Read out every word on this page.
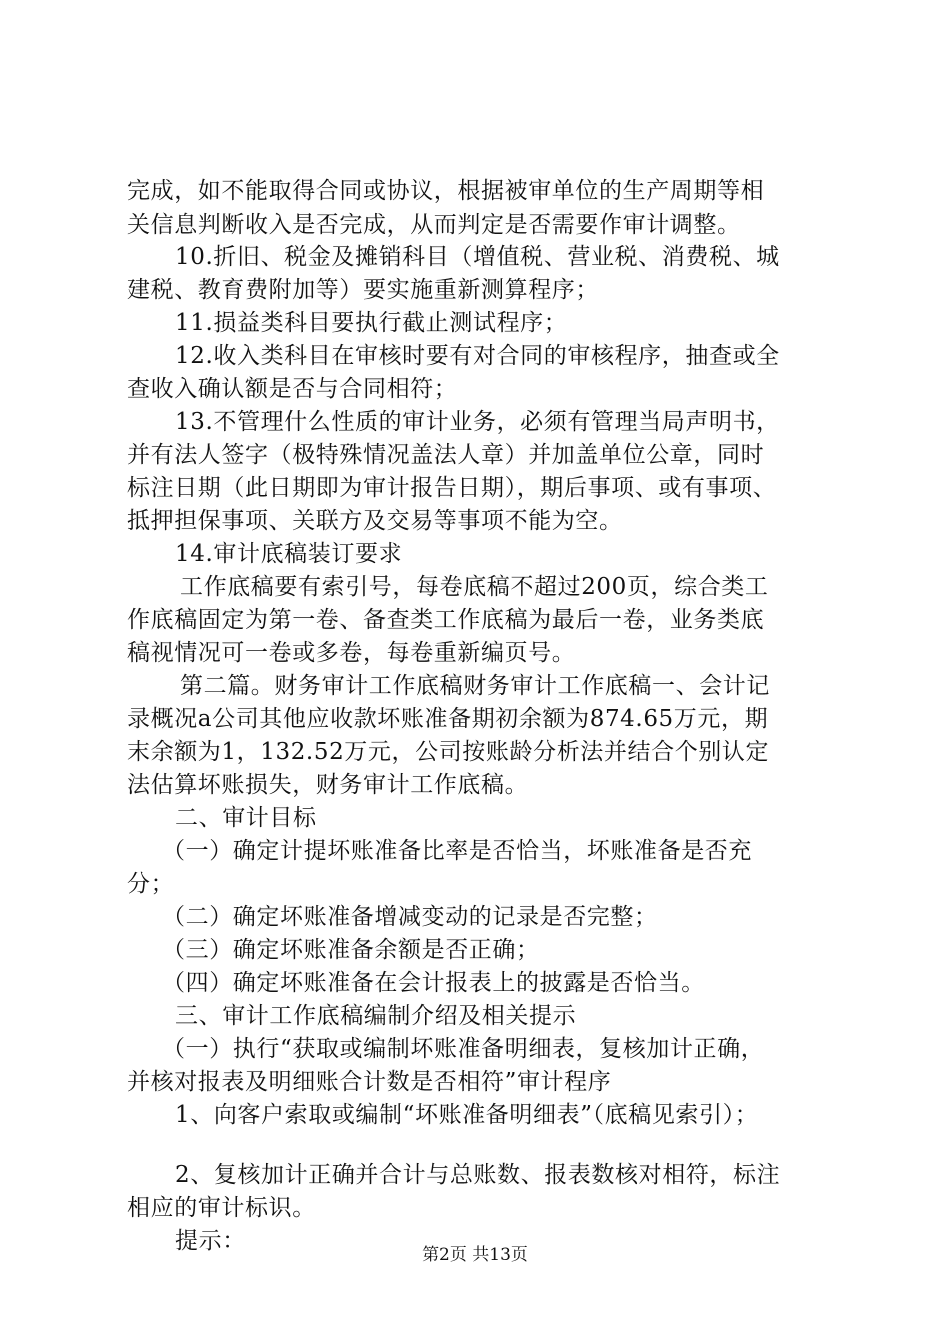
完成，如不能取得合同或协议，根据被审单位的生产周期等相
关信息判断收入是否完成，从而判定是否需要作审计调整。
10.折旧、税金及摊销科目（增值税、营业税、消费税、城
建税、教育费附加等）要实施重新测算程序；
11.损益类科目要执行截止测试程序；
12.收入类科目在审核时要有对合同的审核程序，抽查或全
查收入确认额是否与合同相符；
13.不管理什么性质的审计业务，必须有管理当局声明书，
并有法人签字（极特殊情况盖法人章）并加盖单位公章，同时
标注日期（此日期即为审计报告日期），期后事项、或有事项、
抵押担保事项、关联方及交易等事项不能为空。
14.审计底稿装订要求
工作底稿要有索引号，每卷底稿不超过200页，综合类工
作底稿固定为第一卷、备查类工作底稿为最后一卷，业务类底
稿视情况可一卷或多卷，每卷重新编页号。
第二篇。财务审计工作底稿财务审计工作底稿一、会计记
录概况a公司其他应收款坏账准备期初余额为874.65万元，期
末余额为1，132.52万元，公司按账龄分析法并结合个别认定
法估算坏账损失，财务审计工作底稿。
二、审计目标
（一）确定计提坏账准备比率是否恰当，坏账准备是否充
分；
（二）确定坏账准备增减变动的记录是否完整；
（三）确定坏账准备余额是否正确；
（四）确定坏账准备在会计报表上的披露是否恰当。
三、审计工作底稿编制介绍及相关提示
（一）执行“获取或编制坏账准备明细表，复核加计正确，
并核对报表及明细账合计数是否相符”审计程序
1、向客户索取或编制“坏账准备明细表”（底稿见索引）；
2、复核加计正确并合计与总账数、报表数核对相符，标注
相应的审计标识。
提示：
第2页 共13页
